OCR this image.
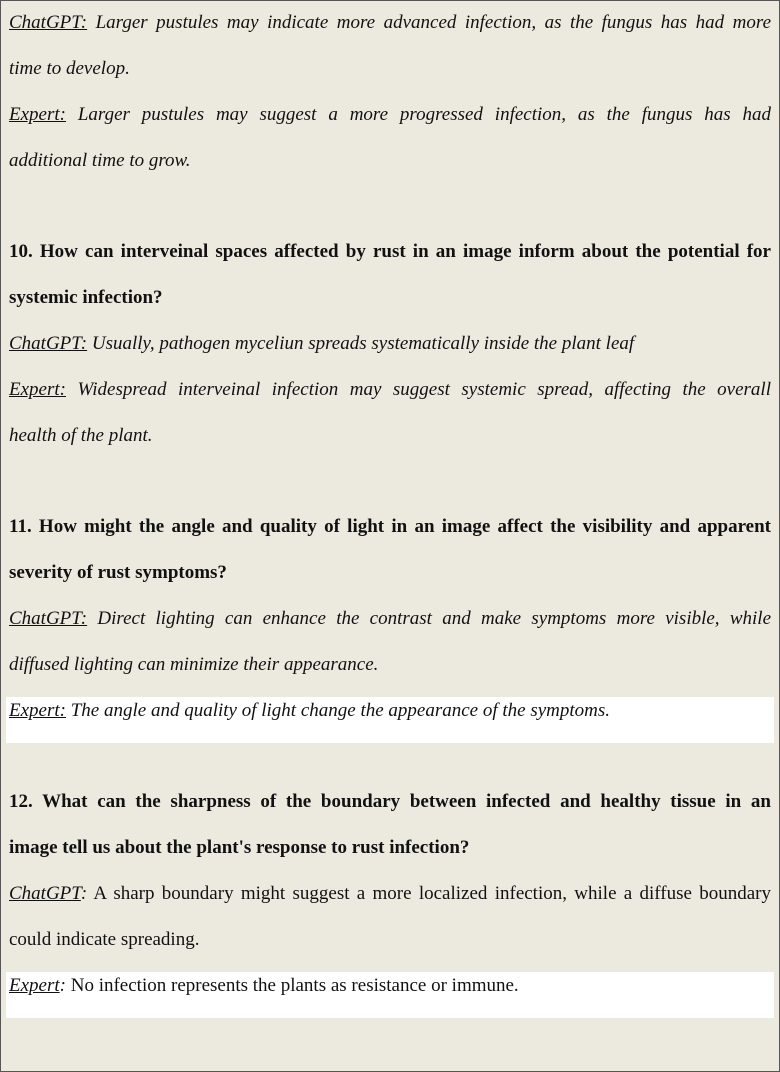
ChatGPT: Larger pustules may indicate more advanced infection, as the fungus has had more
time to develop.
Expert: Larger pustules may suggest a more progressed infection, as the fungus has had
additional time to grow.
10. How can interveinal spaces affected by rust in an image inform about the potential for
systemic infection?
ChatGPT: Usually, pathogen myceliun spreads systematically inside the plant leaf
Expert: Widespread interveinal infection may suggest systemic spread, affecting the overall
health of the plant.
11. How might the angle and quality of light in an image affect the visibility and apparent
severity of rust symptoms?
ChatGPT: Direct lighting can enhance the contrast and make symptoms more visible, while
diffused lighting can minimize their appearance.
Expert: The angle and quality of light change the appearance of the symptoms.
12. What can the sharpness of the boundary between infected and healthy tissue in an
image tell us about the plant's response to rust infection?
ChatGPT: A sharp boundary might suggest a more localized infection, while a diffuse boundary
could indicate spreading.
Expert: No infection represents the plants as resistance or immune.
